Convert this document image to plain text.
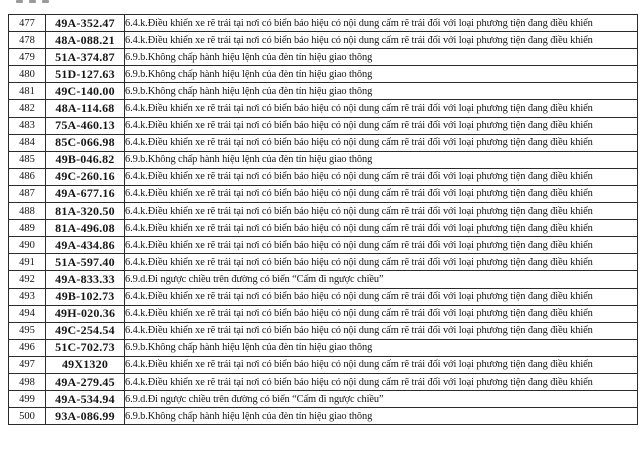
477	49A-352.47	6.4.k.Điều khiển xe rẽ trái tại nơi có biển báo hiệu có nội dung cấm rẽ trái đối với loại phương tiện đang điều khiển
478	48A-088.21	6.4.k.Điều khiển xe rẽ trái tại nơi có biển báo hiệu có nội dung cấm rẽ trái đối với loại phương tiện đang điều khiển
479	51A-374.87	6.9.b.Không chấp hành hiệu lệnh của đèn tín hiệu giao thông
480	51D-127.63	6.9.b.Không chấp hành hiệu lệnh của đèn tín hiệu giao thông
481	49C-140.00	6.9.b.Không chấp hành hiệu lệnh của đèn tín hiệu giao thông
482	48A-114.68	6.4.k.Điều khiển xe rẽ trái tại nơi có biển báo hiệu có nội dung cấm rẽ trái đối với loại phương tiện đang điều khiển
483	75A-460.13	6.4.k.Điều khiển xe rẽ trái tại nơi có biển báo hiệu có nội dung cấm rẽ trái đối với loại phương tiện đang điều khiển
484	85C-066.98	6.4.k.Điều khiển xe rẽ trái tại nơi có biển báo hiệu có nội dung cấm rẽ trái đối với loại phương tiện đang điều khiển
485	49B-046.82	6.9.b.Không chấp hành hiệu lệnh của đèn tín hiệu giao thông
486	49C-260.16	6.4.k.Điều khiển xe rẽ trái tại nơi có biển báo hiệu có nội dung cấm rẽ trái đối với loại phương tiện đang điều khiển
487	49A-677.16	6.4.k.Điều khiển xe rẽ trái tại nơi có biển báo hiệu có nội dung cấm rẽ trái đối với loại phương tiện đang điều khiển
488	81A-320.50	6.4.k.Điều khiển xe rẽ trái tại nơi có biển báo hiệu có nội dung cấm rẽ trái đối với loại phương tiện đang điều khiển
489	81A-496.08	6.4.k.Điều khiển xe rẽ trái tại nơi có biển báo hiệu có nội dung cấm rẽ trái đối với loại phương tiện đang điều khiển
490	49A-434.86	6.4.k.Điều khiển xe rẽ trái tại nơi có biển báo hiệu có nội dung cấm rẽ trái đối với loại phương tiện đang điều khiển
491	51A-597.40	6.4.k.Điều khiển xe rẽ trái tại nơi có biển báo hiệu có nội dung cấm rẽ trái đối với loại phương tiện đang điều khiển
492	49A-833.33	6.9.d.Đi ngược chiều trên đường có biển “Cấm đi ngược chiều”
493	49B-102.73	6.4.k.Điều khiển xe rẽ trái tại nơi có biển báo hiệu có nội dung cấm rẽ trái đối với loại phương tiện đang điều khiển
494	49H-020.36	6.4.k.Điều khiển xe rẽ trái tại nơi có biển báo hiệu có nội dung cấm rẽ trái đối với loại phương tiện đang điều khiển
495	49C-254.54	6.4.k.Điều khiển xe rẽ trái tại nơi có biển báo hiệu có nội dung cấm rẽ trái đối với loại phương tiện đang điều khiển
496	51C-702.73	6.9.b.Không chấp hành hiệu lệnh của đèn tín hiệu giao thông
497	49X1320	6.4.k.Điều khiển xe rẽ trái tại nơi có biển báo hiệu có nội dung cấm rẽ trái đối với loại phương tiện đang điều khiển
498	49A-279.45	6.4.k.Điều khiển xe rẽ trái tại nơi có biển báo hiệu có nội dung cấm rẽ trái đối với loại phương tiện đang điều khiển
499	49A-534.94	6.9.d.Đi ngược chiều trên đường có biển “Cấm đi ngược chiều”
500	93A-086.99	6.9.b.Không chấp hành hiệu lệnh của đèn tín hiệu giao thông
